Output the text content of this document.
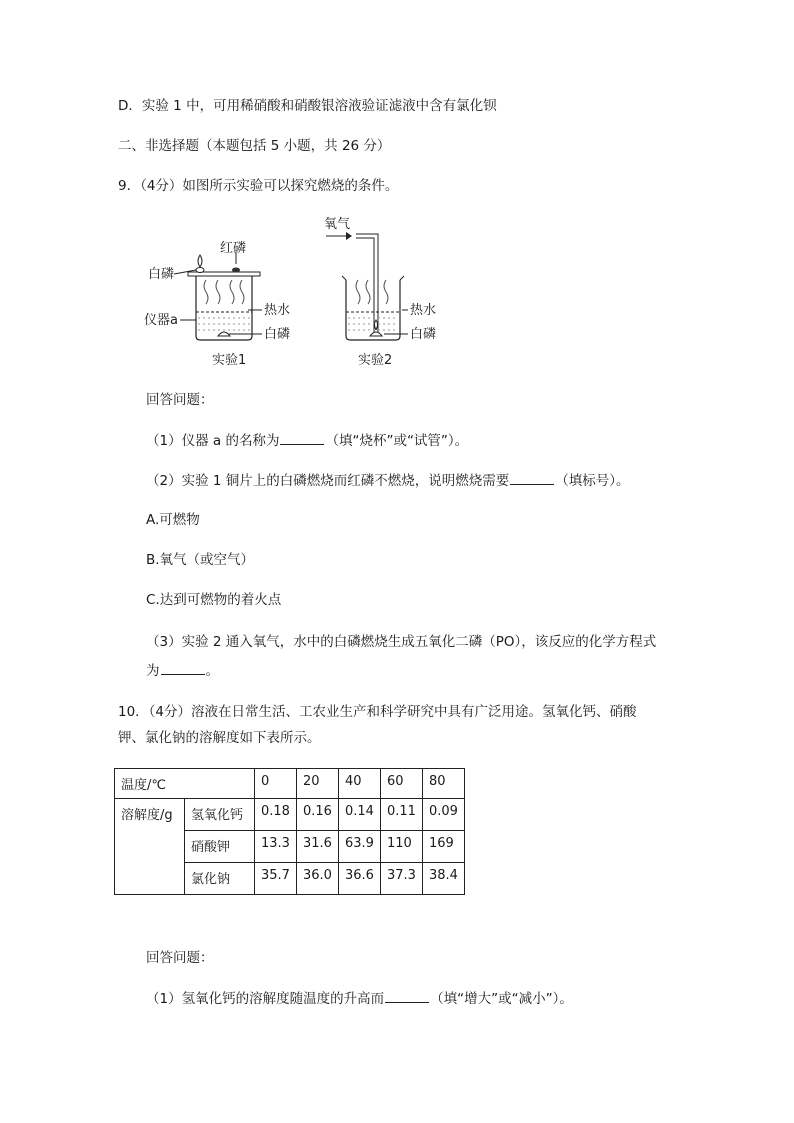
D．实验 1 中，可用稀硝酸和硝酸银溶液验证滤液中含有氯化钡
二、非选择题（本题包括 5 小题，共 26 分）
9．（4分）如图所示实验可以探究燃烧的条件。
白磷
红磷
仪器a
热水
白磷
实验1
氧气
热水
白磷
实验2
回答问题：
（1）仪器 a 的名称为	（填“烧杯”或“试管”）。
（2）实验 1 铜片上的白磷燃烧而红磷不燃烧，说明燃烧需要	（填标号）。
A.可燃物
B.氧气（或空气）
C.达到可燃物的着火点
（3）实验 2 通入氧气，水中的白磷燃烧生成五氧化二磷（PO），该反应的化学方程式
为	。
10．（4分）溶液在日常生活、工农业生产和科学研究中具有广泛用途。氢氧化钙、硝酸
钾、氯化钠的溶解度如下表所示。
温度/℃		0	20	40	60	80
溶解度/g	氢氧化钙	0.18	0.16	0.14	0.11	0.09
	硝酸钾	13.3	31.6	63.9	110	169
	氯化钠	35.7	36.0	36.6	37.3	38.4
回答问题：
（1）氢氧化钙的溶解度随温度的升高而	（填“增大”或“减小”）。
